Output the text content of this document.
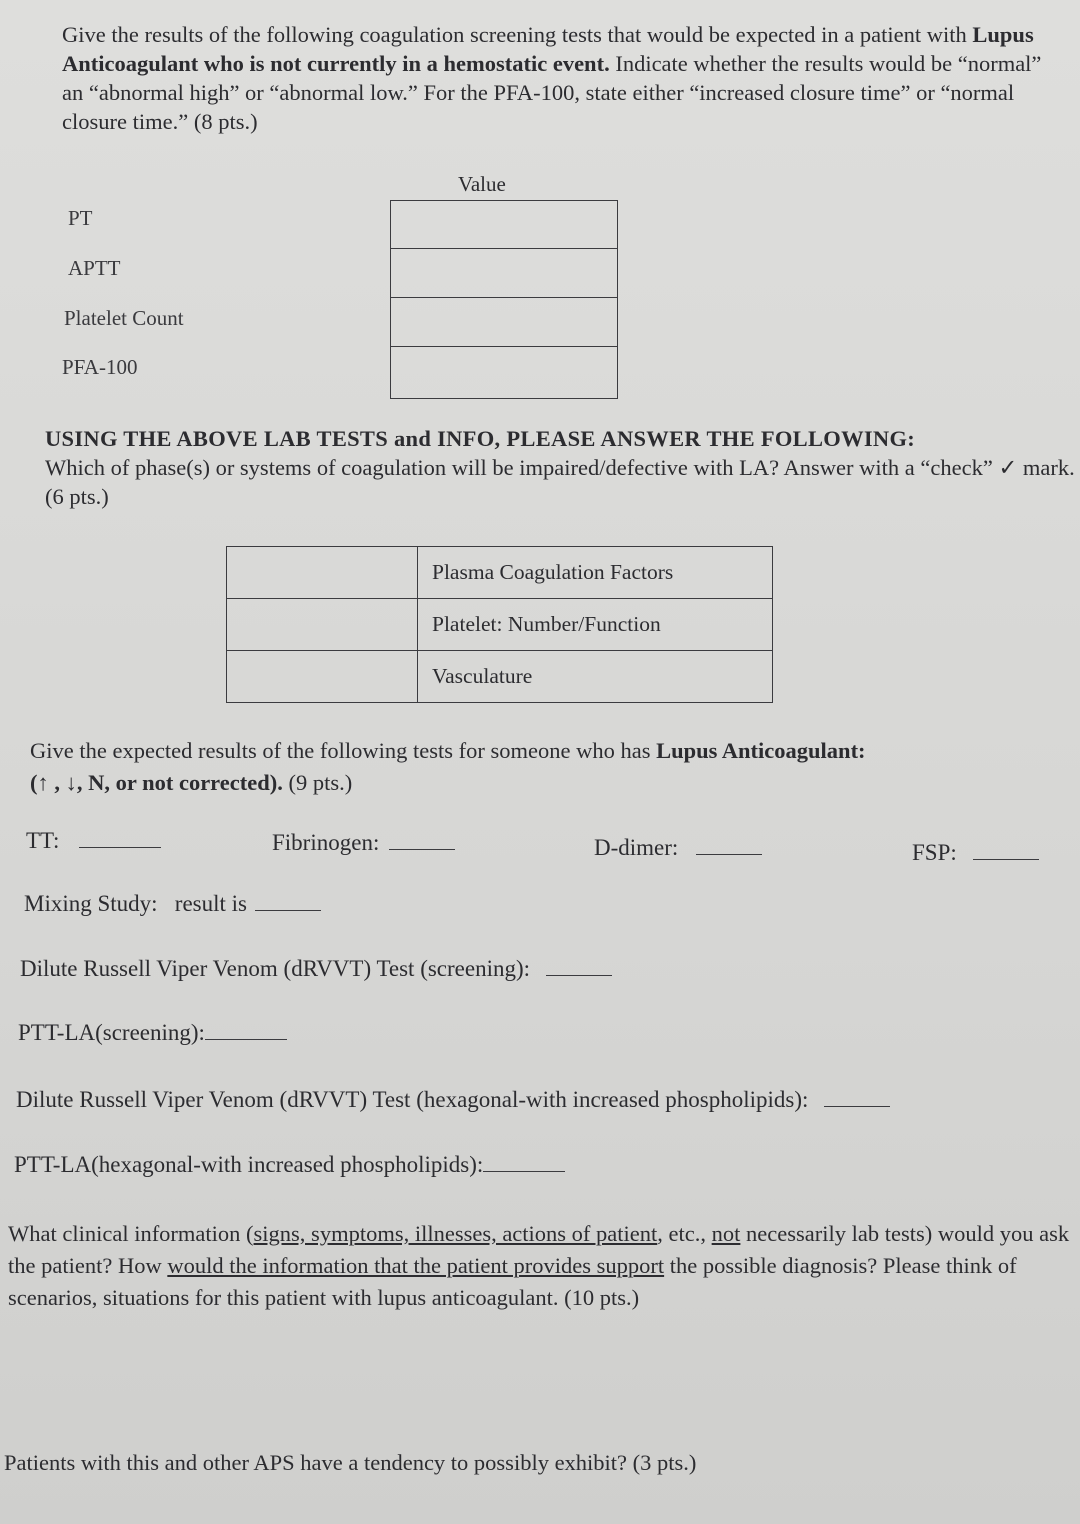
Give the results of the following coagulation screening tests that would be expected in a patient with Lupus Anticoagulant who is not currently in a hemostatic event. Indicate whether the results would be “normal” an “abnormal high” or “abnormal low.” For the PFA-100, state either “increased closure time” or “normal closure time.” (8 pts.)
Value
PT
APTT
Platelet Count
PFA-100

USING THE ABOVE LAB TESTS and INFO, PLEASE ANSWER THE FOLLOWING:
Which of phase(s) or systems of coagulation will be impaired/defective with LA? Answer with a “check” ✓ mark. (6 pts.)
	Plasma Coagulation Factors
	Platelet: Number/Function
	Vasculature
Give the expected results of the following tests for someone who has Lupus Anticoagulant:
(↑ , ↓, N, or not corrected). (9 pts.)
TT:	Fibrinogen:	D-dimer:	FSP:
Mixing Study:   result is
Dilute Russell Viper Venom (dRVVT) Test (screening):
PTT-LA(screening):
Dilute Russell Viper Venom (dRVVT) Test (hexagonal-with increased phospholipids):
PTT-LA(hexagonal-with increased phospholipids):
What clinical information (signs, symptoms, illnesses, actions of patient, etc., not necessarily lab tests) would you ask the patient? How would the information that the patient provides support the possible diagnosis? Please think of scenarios, situations for this patient with lupus anticoagulant. (10 pts.)
Patients with this and other APS have a tendency to possibly exhibit? (3 pts.)
